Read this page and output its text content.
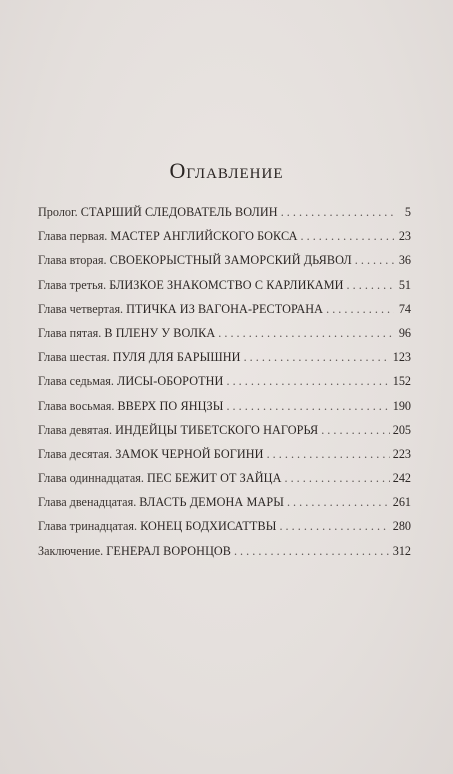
Оглавление
Пролог. СТАРШИЙ СЛЕДОВАТЕЛЬ ВОЛИН . . .	5
Глава первая. МАСТЕР АНГЛИЙСКОГО БОКСА . . .	23
Глава вторая. СВОЕКОРЫСТНЫЙ ЗАМОРСКИЙ ДЬЯВОЛ . . .	36
Глава третья. БЛИЗКОЕ ЗНАКОМСТВО С КАРЛИКАМИ . . .	51
Глава четвертая. ПТИЧКА ИЗ ВАГОНА-РЕСТОРАНА . . .	74
Глава пятая. В ПЛЕНУ У ВОЛКА . . .	96
Глава шестая. ПУЛЯ ДЛЯ БАРЫШНИ . . .	123
Глава седьмая. ЛИСЫ-ОБОРОТНИ . . .	152
Глава восьмая. ВВЕРХ ПО ЯНЦЗЫ . . .	190
Глава девятая. ИНДЕЙЦЫ ТИБЕТСКОГО НАГОРЬЯ . . .	205
Глава десятая. ЗАМОК ЧЕРНОЙ БОГИНИ . . .	223
Глава одиннадцатая. ПЕС БЕЖИТ ОТ ЗАЙЦА . . .	242
Глава двенадцатая. ВЛАСТЬ ДЕМОНА МАРЫ . . .	261
Глава тринадцатая. КОНЕЦ БОДХИСАТТВЫ . . .	280
Заключение. ГЕНЕРАЛ ВОРОНЦОВ . . .	312
